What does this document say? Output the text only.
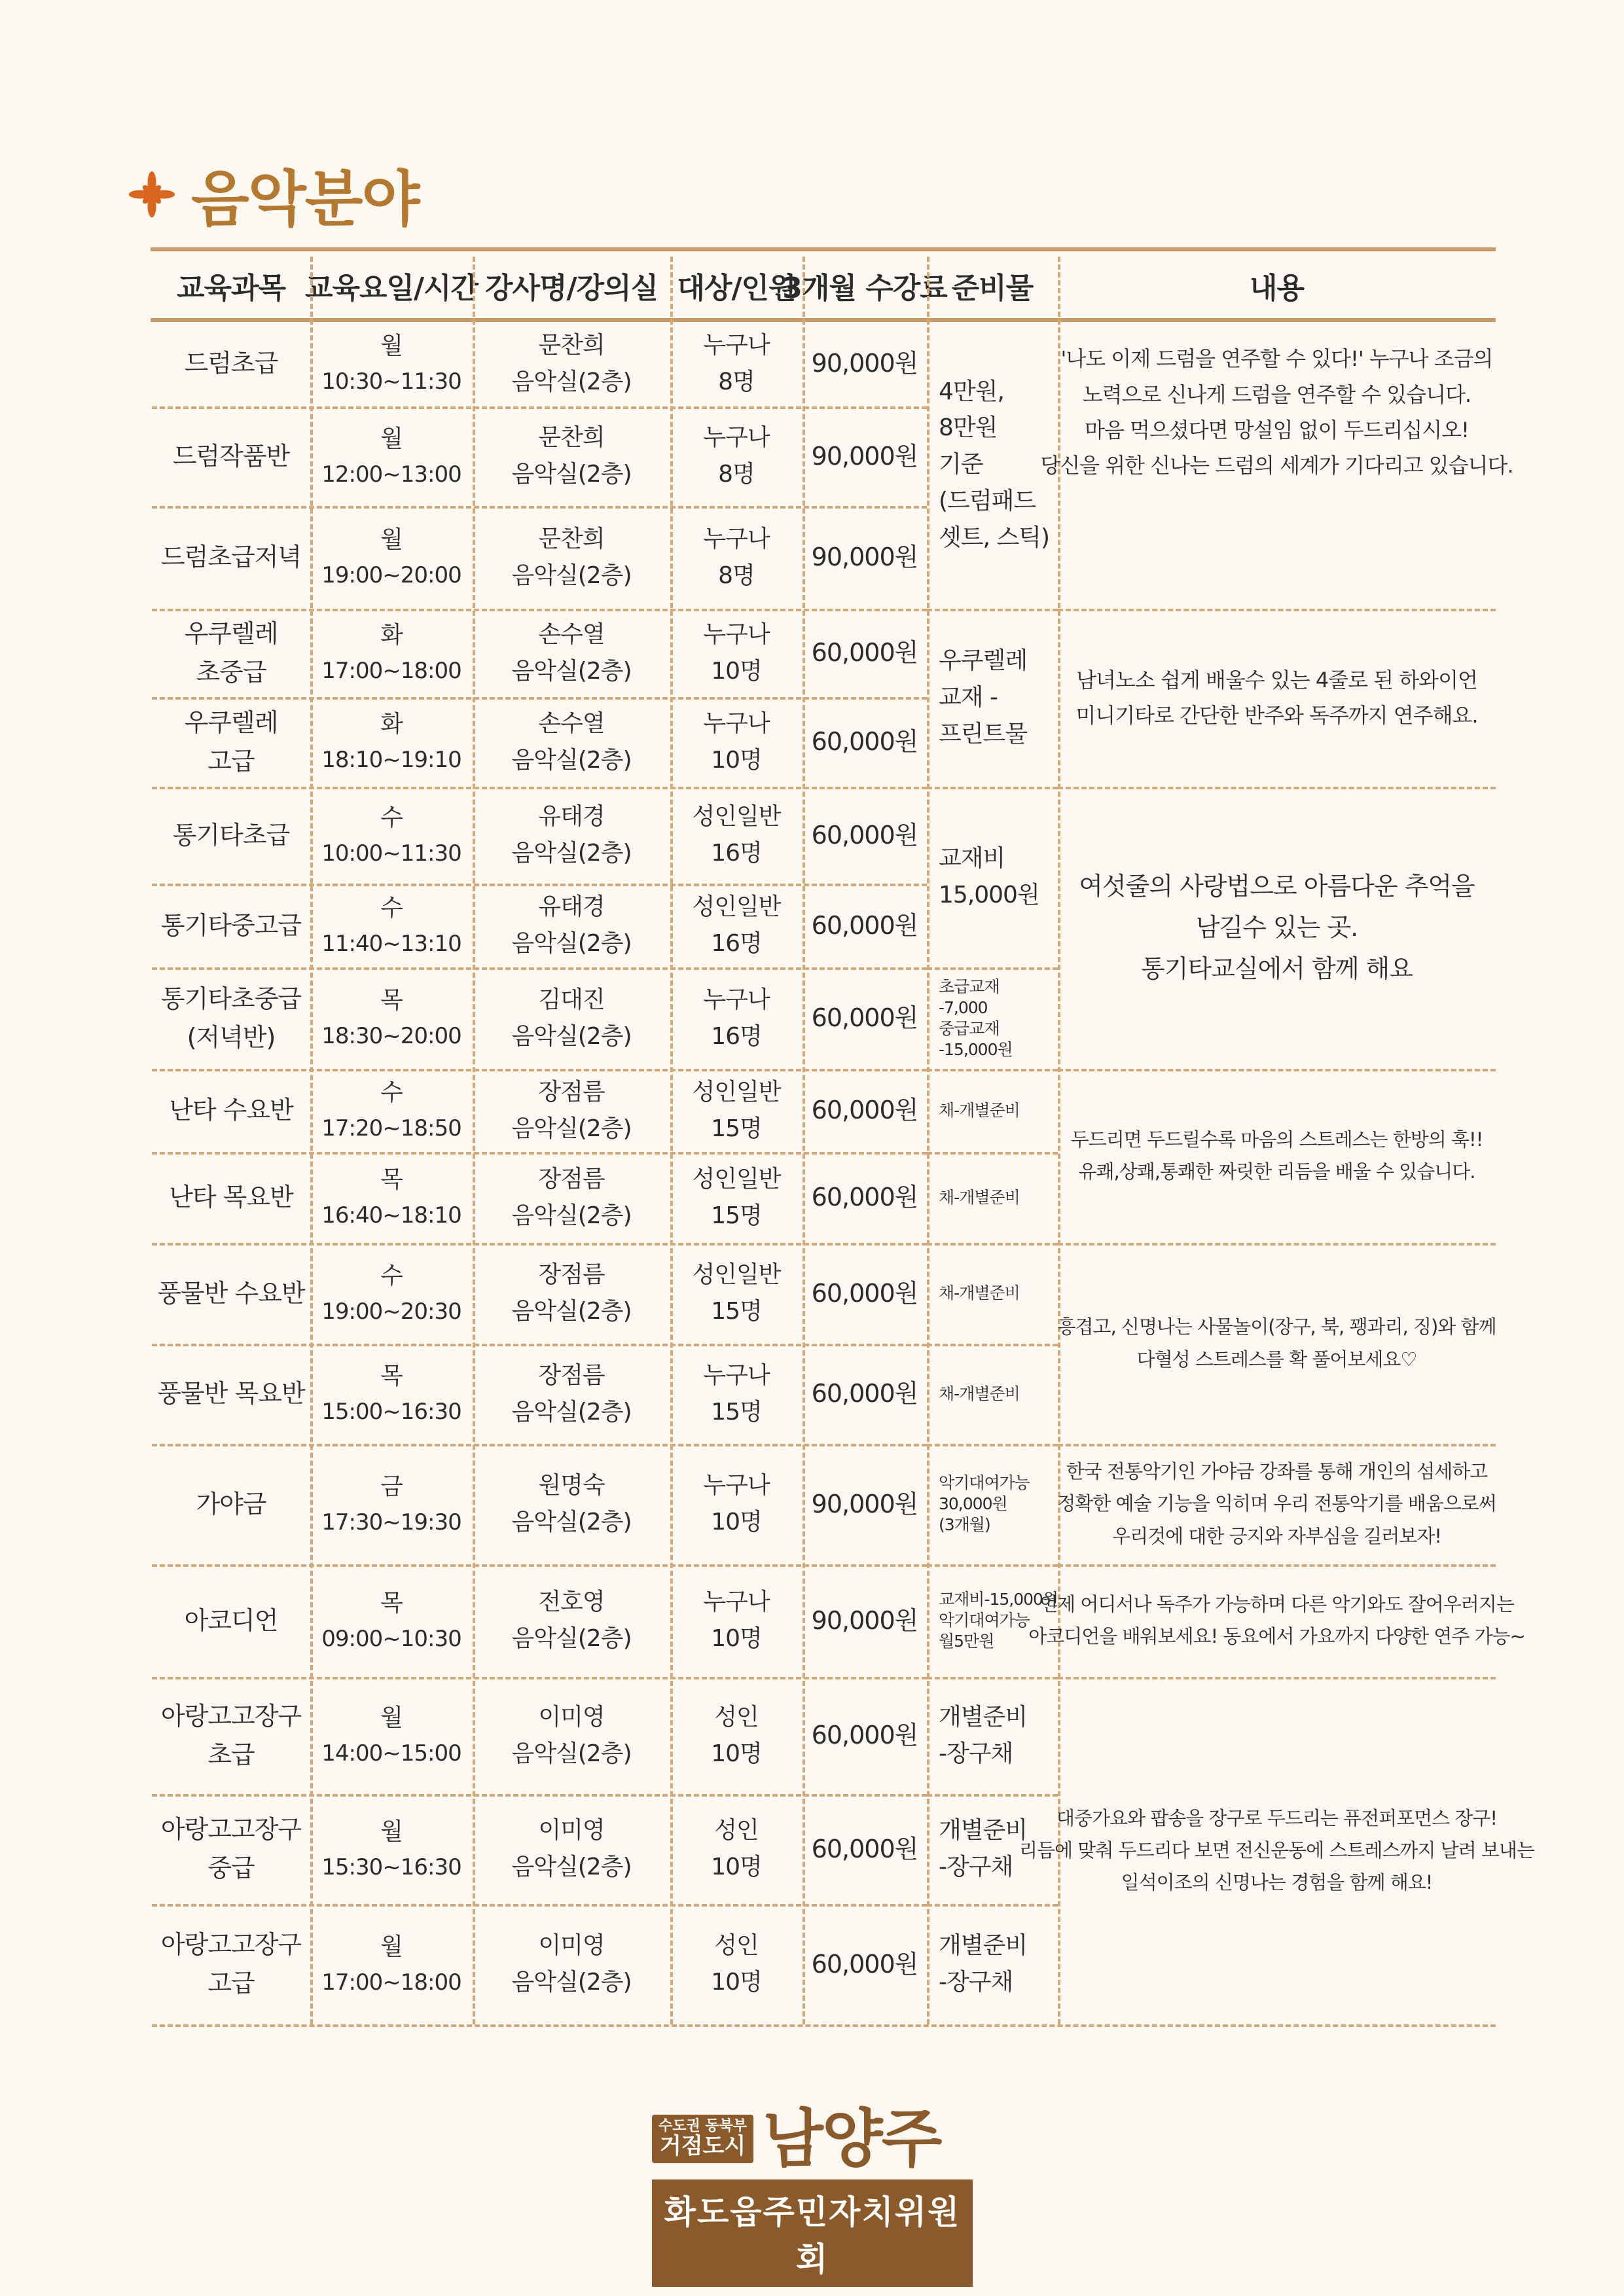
음악분야
교육과목 교육요일/시간 강사명/강의실 대상/인원
3개월 수강료 준비물	내용
드럼초급
월
10:30~11:30
문찬희
음악실(2층)
누구나
8명
90,000원
드럼작품반
월
12:00~13:00
문찬희
음악실(2층)
누구나
8명
90,000원
드럼초급저녁
월
19:00~20:00
문찬희
음악실(2층)
누구나
8명
90,000원
우쿠렐레
초중급
화
17:00~18:00
손수열
음악실(2층)
누구나
10명
60,000원
우쿠렐레
고급
화
18:10~19:10
손수열
음악실(2층)
누구나
10명
60,000원
통기타초급
수
10:00~11:30
유태경
음악실(2층)
성인일반
16명
60,000원
통기타중고급
수
11:40~13:10
유태경
음악실(2층)
성인일반
16명
60,000원
통기타초중급
(저녁반)
목
18:30~20:00
김대진
음악실(2층)
누구나
16명
60,000원
난타 수요반
수
17:20~18:50
장점름
음악실(2층)
성인일반
15명
60,000원
난타 목요반
목
16:40~18:10
장점름
음악실(2층)
성인일반
15명
60,000원
풍물반 수요반
수
19:00~20:30
장점름
음악실(2층)
성인일반
15명
60,000원
풍물반 목요반
목
15:00~16:30
장점름
음악실(2층)
누구나
15명
60,000원
가야금
금
17:30~19:30
원명숙
음악실(2층)
누구나
10명
90,000원
아코디언
목
09:00~10:30
전호영
음악실(2층)
누구나
10명
90,000원
아랑고고장구
초급
월
14:00~15:00
이미영
음악실(2층)
성인
10명
60,000원
아랑고고장구
중급
월
15:30~16:30
이미영
음악실(2층)
성인
10명
60,000원
아랑고고장구
고급
월
17:00~18:00
이미영
음악실(2층)
성인
10명
60,000원
4만원,
8만원
기준
(드럼패드
셋트, 스틱)
우쿠렐레
교재 -
프린트물
교재비
15,000원
초급교재
-7,000
중급교재
-15,000원
채-개별준비
채-개별준비
채-개별준비
채-개별준비
악기대여가능
30,000원
(3개월)
교재비-15,000원
악기대여가능
월5만원
개별준비
-장구채
개별준비
-장구채
개별준비
-장구채
'나도 이제 드럼을 연주할 수 있다!' 누구나 조금의
노력으로 신나게 드럼을 연주할 수 있습니다.
마음 먹으셨다면 망설임 없이 두드리십시오!
당신을 위한 신나는 드럼의 세계가 기다리고 있습니다.
남녀노소 쉽게 배울수 있는 4줄로 된 하와이언
미니기타로 간단한 반주와 독주까지 연주해요.
여섯줄의 사랑법으로 아름다운 추억을
남길수 있는 곳.
통기타교실에서 함께 해요
두드리면 두드릴수록 마음의 스트레스는 한방의 훅!!
유쾌,상쾌,통쾌한 짜릿한 리듬을 배울 수 있습니다.
흥겹고, 신명나는 사물놀이(장구, 북, 꽹과리, 징)와 함께
다혈성 스트레스를 확 풀어보세요♡
한국 전통악기인 가야금 강좌를 통해 개인의 섬세하고
정확한 예술 기능을 익히며 우리 전통악기를 배움으로써
우리것에 대한 긍지와 자부심을 길러보자!
언제 어디서나 독주가 가능하며 다른 악기와도 잘어우러지는
아코디언을 배워보세요! 동요에서 가요까지 다양한 연주 가능~
대중가요와 팝송을 장구로 두드리는 퓨전퍼포먼스 장구!
리듬에 맞춰 두드리다 보면 전신운동에 스트레스까지 날려 보내는
일석이조의 신명나는 경험을 함께 해요!
수도권 동북부
거점도시 남양주
화도읍주민자치위원회
